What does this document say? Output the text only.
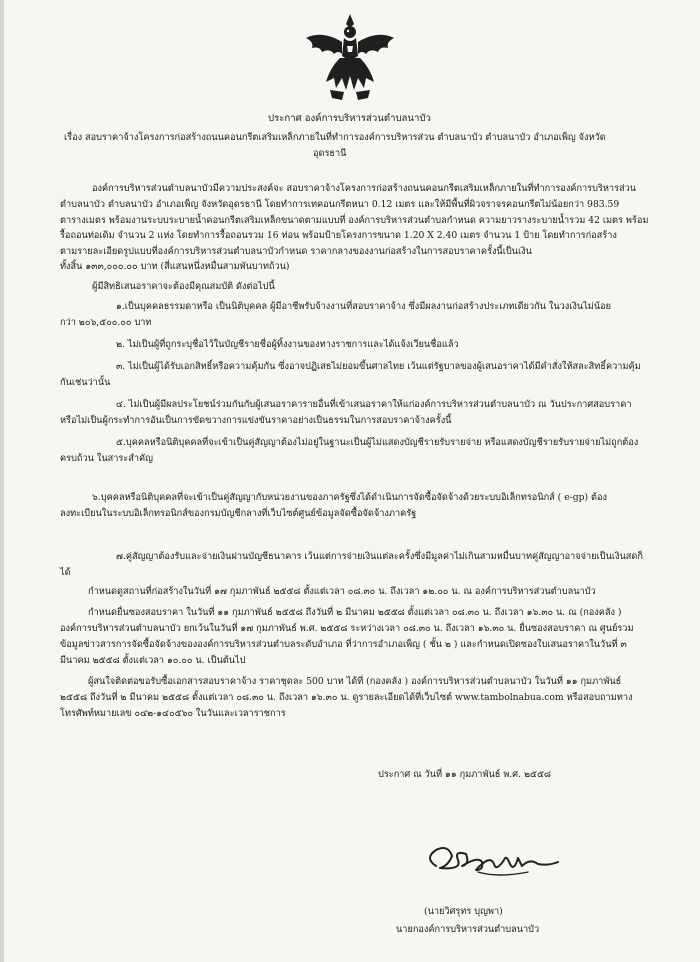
ประกาศ องค์การบริหารส่วนตำบลนาบัว
เรื่อง สอบราคาจ้างโครงการก่อสร้างถนนคอนกรีตเสริมเหล็กภายในที่ทำการองค์การบริหารส่วน ตำบลนาบัว ตำบลนาบัว อำเภอเพ็ญ จังหวัด
อุดรธานี
องค์การบริหารส่วนตำบลนาบัวมีความประสงค์จะ สอบราคาจ้างโครงการก่อสร้างถนนคอนกรีตเสริมเหล็กภายในที่ทำการองค์การบริหารส่วน
ตำบลนาบัว ตำบลนาบัว อำเภอเพ็ญ จังหวัดอุดรธานี โดยทำการเทคอนกรีตหนา 0.12 เมตร และให้มีพื้นที่ผิวจราจรคอนกรีตไม่น้อยกว่า 983.59
ตารางเมตร พร้อมงานระบบระบายน้ำคอนกรีตเสริมเหล็กขนาดตามแบบที่ องค์การบริหารส่วนตำบลกำหนด ความยาวรางระบายน้ำรวม 42 เมตร พร้อม
รื้อถอนท่อเดิม จำนวน 2 แห่ง โดยทำการรื้อถอนรวม 16 ท่อน พร้อมป้ายโครงการขนาด 1.20 X 2.40 เมตร จำนวน 1 ป้าย โดยทำการก่อสร้าง
ตามรายละเอียดรูปแบบที่องค์การบริหารส่วนตำบลนาบัวกำหนด ราคากลางของงานก่อสร้างในการสอบราคาครั้งนี้เป็นเงิน
ทั้งสิ้น ๑๓๓,๐๐๐.๐๐ บาท (สี่แสนหนึ่งหมื่นสามพันบาทถ้วน)
ผู้มีสิทธิเสนอราคาจะต้องมีคุณสมบัติ ดังต่อไปนี้
๑.เป็นบุคคลธรรมดาหรือ เป็นนิติบุคคล ผู้มีอาชีพรับจ้างงานที่สอบราคาจ้าง ซึ่งมีผลงานก่อสร้างประเภทเดียวกัน ในวงเงินไม่น้อย
กว่า ๒๐๖,๕๐๐.๐๐ บาท
๒. ไม่เป็นผู้ที่ถูกระบุชื่อไว้ในบัญชีรายชื่อผู้ทิ้งงานของทางราชการและได้แจ้งเวียนชื่อแล้ว
๓. ไม่เป็นผู้ได้รับเอกสิทธิ์หรือความคุ้มกัน ซึ่งอาจปฏิเสธไม่ยอมขึ้นศาลไทย เว้นแต่รัฐบาลของผู้เสนอราคาได้มีคำสั่งให้สละสิทธิ์ความคุ้ม
กันเช่นว่านั้น
๔. ไม่เป็นผู้มีผลประโยชน์ร่วมกันกับผู้เสนอราคารายอื่นที่เข้าเสนอราคาให้แก่องค์การบริหารส่วนตำบลนาบัว ณ วันประกาศสอบราคา
หรือไม่เป็นผู้กระทำการอันเป็นการขัดขวางการแข่งขันราคาอย่างเป็นธรรมในการสอบราคาจ้างครั้งนี้
๕.บุคคลหรือนิติบุคคลที่จะเข้าเป็นคู่สัญญาต้องไม่อยู่ในฐานะเป็นผู้ไม่แสดงบัญชีรายรับรายจ่าย หรือแสดงบัญชีรายรับรายจ่ายไม่ถูกต้อง
ครบถ้วน ในสาระสำคัญ
๖.บุคคลหรือนิติบุคคลที่จะเข้าเป็นคู่สัญญากับหน่วยงานของภาครัฐซึ่งได้ดำเนินการจัดซื้อจัดจ้างด้วยระบบอิเล็กทรอนิกส์ ( e-gp) ต้อง
ลงทะเบียนในระบบอิเล็กทรอนิกส์ของกรมบัญชีกลางที่เว็บไซต์ศูนย์ข้อมูลจัดซื้อจัดจ้างภาครัฐ
๗.คู่สัญญาต้องรับและจ่ายเงินผ่านบัญชีธนาคาร เว้นแต่การจ่ายเงินแต่ละครั้งซึ่งมีมูลค่าไม่เกินสามหมื่นบาทคู่สัญญาอาจจ่ายเป็นเงินสดก็
ได้
กำหนดดูสถานที่ก่อสร้างในวันที่ ๑๗ กุมภาพันธ์ ๒๕๕๘ ตั้งแต่เวลา ๐๘.๓๐ น. ถึงเวลา ๑๒.๐๐ น. ณ องค์การบริหารส่วนตำบลนาบัว
กำหนดยื่นซองสอบราคา ในวันที่ ๑๑ กุมภาพันธ์ ๒๕๕๘ ถึงวันที่ ๒ มีนาคม ๒๕๕๘ ตั้งแต่เวลา ๐๘.๓๐ น. ถึงเวลา ๑๖.๓๐ น. ณ (กองคลัง )
องค์การบริหารส่วนตำบลนาบัว ยกเว้นในวันที่ ๑๗ กุมภาพันธ์ พ.ศ. ๒๕๕๘ ระหว่างเวลา ๐๘.๓๐ น. ถึงเวลา ๑๖.๓๐ น. ยื่นซองสอบราคา ณ ศูนย์รวม
ข้อมูลข่าวสารการจัดซื้อจัดจ้างขององค์การบริหารส่วนตำบลระดับอำเภอ ที่ว่าการอำเภอเพ็ญ ( ชั้น ๒ ) และกำหนดเปิดซองใบเสนอราคาในวันที่ ๓
มีนาคม ๒๕๕๘ ตั้งแต่เวลา ๑๐.๐๐ น. เป็นต้นไป
ผู้สนใจติดต่อขอรับซื้อเอกสารสอบราคาจ้าง ราคาชุดละ 500 บาท ได้ที่ (กองคลัง ) องค์การบริหารส่วนตำบลนาบัว ในวันที่ ๑๑ กุมภาพันธ์
๒๕๕๘ ถึงวันที่ ๒ มีนาคม ๒๕๕๘ ตั้งแต่เวลา ๐๘.๓๐ น. ถึงเวลา ๑๖.๓๐ น. ดูรายละเอียดได้ที่เว็บไซต์ www.tambolnabua.com หรือสอบถามทาง
โทรศัพท์หมายเลข ๐๔๒-๑๔๐๕๖๐ ในวันและเวลาราชการ
ประกาศ ณ วันที่ ๑๑ กุมภาพันธ์ พ.ศ. ๒๕๕๘
(นายวิศรุทร บุญพา)
นายกองค์การบริหารส่วนตำบลนาบัว
